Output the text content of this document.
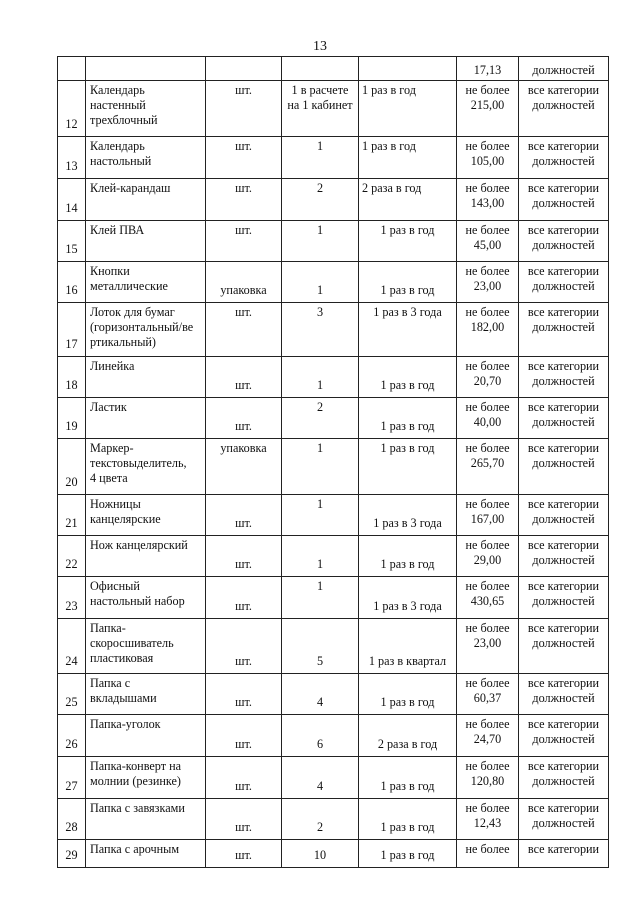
13

					17,13	должностей

12	Календарь
настенный
трехблочный	шт.	1 в расчете
на 1 кабинет	1 раз в год	не более
215,00	все категории
должностей

13	Календарь
настольный	шт.	1	1 раз в год	не более
105,00	все категории
должностей

14	Клей-карандаш	шт.	2	2 раза в год	не более
143,00	все категории
должностей

15	Клей ПВА	шт.	1	1 раз в год	не более
45,00	все категории
должностей

16	Кнопки
металлические	упаковка	1	1 раз в год	не более
23,00	все категории
должностей

17	Лоток для бумаг
(горизонтальный/ве
ртикальный)	шт.	3	1 раз в 3 года	не более
182,00	все категории
должностей

18	Линейка	шт.	1	1 раз в год	не более
20,70	все категории
должностей

19	Ластик	шт.	2	1 раз в год	не более
40,00	все категории
должностей

20	Маркер-
текстовыделитель,
4 цвета	упаковка	1	1 раз в год	не более
265,70	все категории
должностей

21	Ножницы
канцелярские	шт.	1	1 раз в 3 года	не более
167,00	все категории
должностей

22	Нож канцелярский	шт.	1	1 раз в год	не более
29,00	все категории
должностей

23	Офисный
настольный набор	шт.	1	1 раз в 3 года	не более
430,65	все категории
должностей

24	Папка-
скоросшиватель
пластиковая	шт.	5	1 раз в квартал	не более
23,00	все категории
должностей

25	Папка с
вкладышами	шт.	4	1 раз в год	не более
60,37	все категории
должностей

26	Папка-уголок	шт.	6	2 раза в год	не более
24,70	все категории
должностей

27	Папка-конверт на
молнии (резинке)	шт.	4	1 раз в год	не более
120,80	все категории
должностей

28	Папка с завязками	шт.	2	1 раз в год	не более
12,43	все категории
должностей

29	Папка с арочным	шт.	10	1 раз в год	не более	все категории
